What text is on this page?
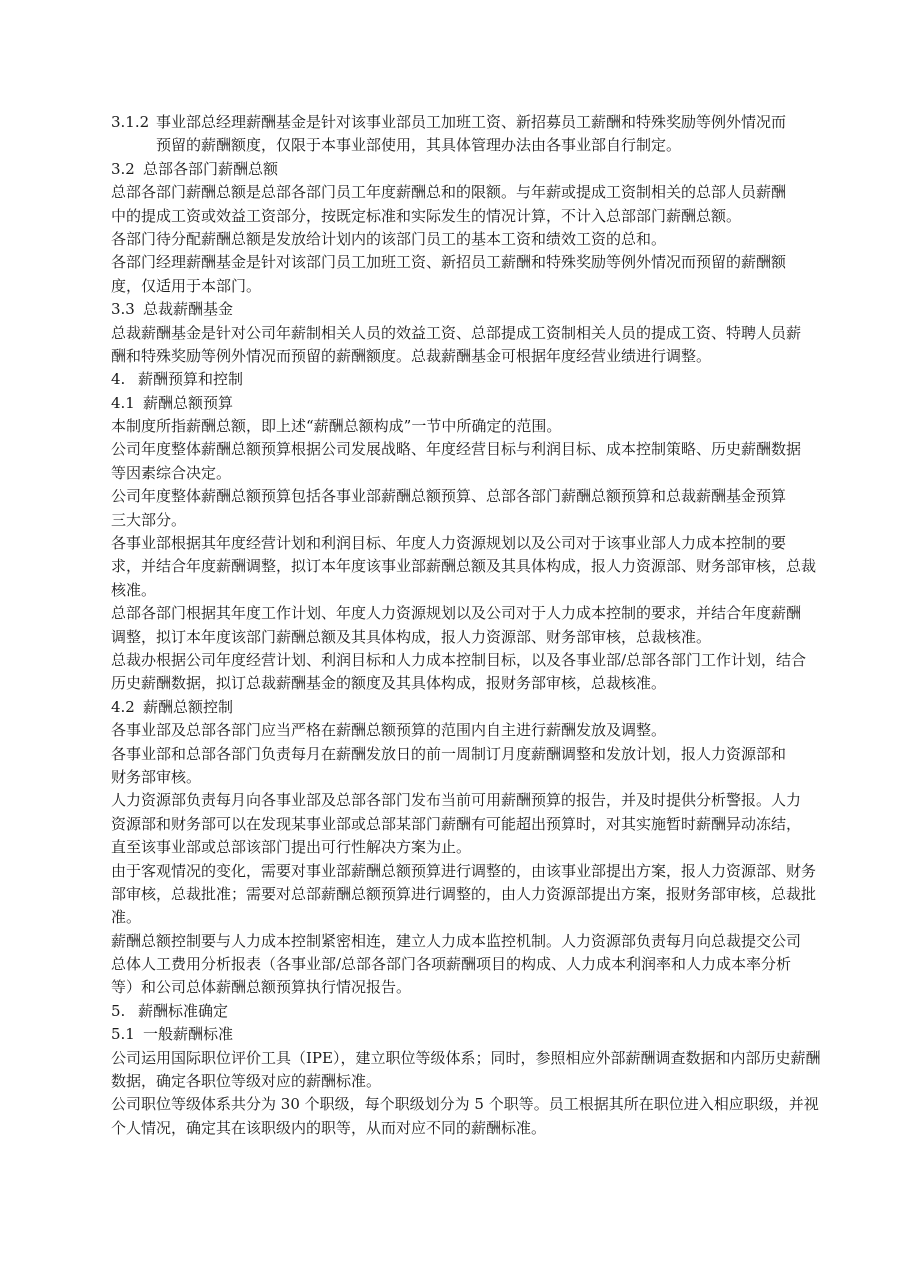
3.1.2 事业部总经理薪酬基金是针对该事业部员工加班工资、新招募员工薪酬和特殊奖励等例外情况而
预留的薪酬额度，仅限于本事业部使用，其具体管理办法由各事业部自行制定。
3.2 总部各部门薪酬总额
总部各部门薪酬总额是总部各部门员工年度薪酬总和的限额。与年薪或提成工资制相关的总部人员薪酬
中的提成工资或效益工资部分，按既定标准和实际发生的情况计算，不计入总部部门薪酬总额。
各部门待分配薪酬总额是发放给计划内的该部门员工的基本工资和绩效工资的总和。
各部门经理薪酬基金是针对该部门员工加班工资、新招员工薪酬和特殊奖励等例外情况而预留的薪酬额
度，仅适用于本部门。
3.3 总裁薪酬基金
总裁薪酬基金是针对公司年薪制相关人员的效益工资、总部提成工资制相关人员的提成工资、特聘人员薪
酬和特殊奖励等例外情况而预留的薪酬额度。总裁薪酬基金可根据年度经营业绩进行调整。
4. 薪酬预算和控制
4.1 薪酬总额预算
本制度所指薪酬总额，即上述“薪酬总额构成”一节中所确定的范围。
公司年度整体薪酬总额预算根据公司发展战略、年度经营目标与利润目标、成本控制策略、历史薪酬数据
等因素综合决定。
公司年度整体薪酬总额预算包括各事业部薪酬总额预算、总部各部门薪酬总额预算和总裁薪酬基金预算
三大部分。
各事业部根据其年度经营计划和利润目标、年度人力资源规划以及公司对于该事业部人力成本控制的要
求，并结合年度薪酬调整，拟订本年度该事业部薪酬总额及其具体构成，报人力资源部、财务部审核，总裁
核准。
总部各部门根据其年度工作计划、年度人力资源规划以及公司对于人力成本控制的要求，并结合年度薪酬
调整，拟订本年度该部门薪酬总额及其具体构成，报人力资源部、财务部审核，总裁核准。
总裁办根据公司年度经营计划、利润目标和人力成本控制目标，以及各事业部/总部各部门工作计划，结合
历史薪酬数据，拟订总裁薪酬基金的额度及其具体构成，报财务部审核，总裁核准。
4.2 薪酬总额控制
各事业部及总部各部门应当严格在薪酬总额预算的范围内自主进行薪酬发放及调整。
各事业部和总部各部门负责每月在薪酬发放日的前一周制订月度薪酬调整和发放计划，报人力资源部和
财务部审核。
人力资源部负责每月向各事业部及总部各部门发布当前可用薪酬预算的报告，并及时提供分析警报。人力
资源部和财务部可以在发现某事业部或总部某部门薪酬有可能超出预算时，对其实施暂时薪酬异动冻结，
直至该事业部或总部该部门提出可行性解决方案为止。
由于客观情况的变化，需要对事业部薪酬总额预算进行调整的，由该事业部提出方案，报人力资源部、财务
部审核，总裁批准；需要对总部薪酬总额预算进行调整的，由人力资源部提出方案，报财务部审核，总裁批
准。
薪酬总额控制要与人力成本控制紧密相连，建立人力成本监控机制。人力资源部负责每月向总裁提交公司
总体人工费用分析报表（各事业部/总部各部门各项薪酬项目的构成、人力成本利润率和人力成本率分析
等）和公司总体薪酬总额预算执行情况报告。
5. 薪酬标准确定
5.1 一般薪酬标准
公司运用国际职位评价工具（IPE），建立职位等级体系；同时，参照相应外部薪酬调查数据和内部历史薪酬
数据，确定各职位等级对应的薪酬标准。
公司职位等级体系共分为 30 个职级，每个职级划分为 5 个职等。员工根据其所在职位进入相应职级，并视
个人情况，确定其在该职级内的职等，从而对应不同的薪酬标准。
